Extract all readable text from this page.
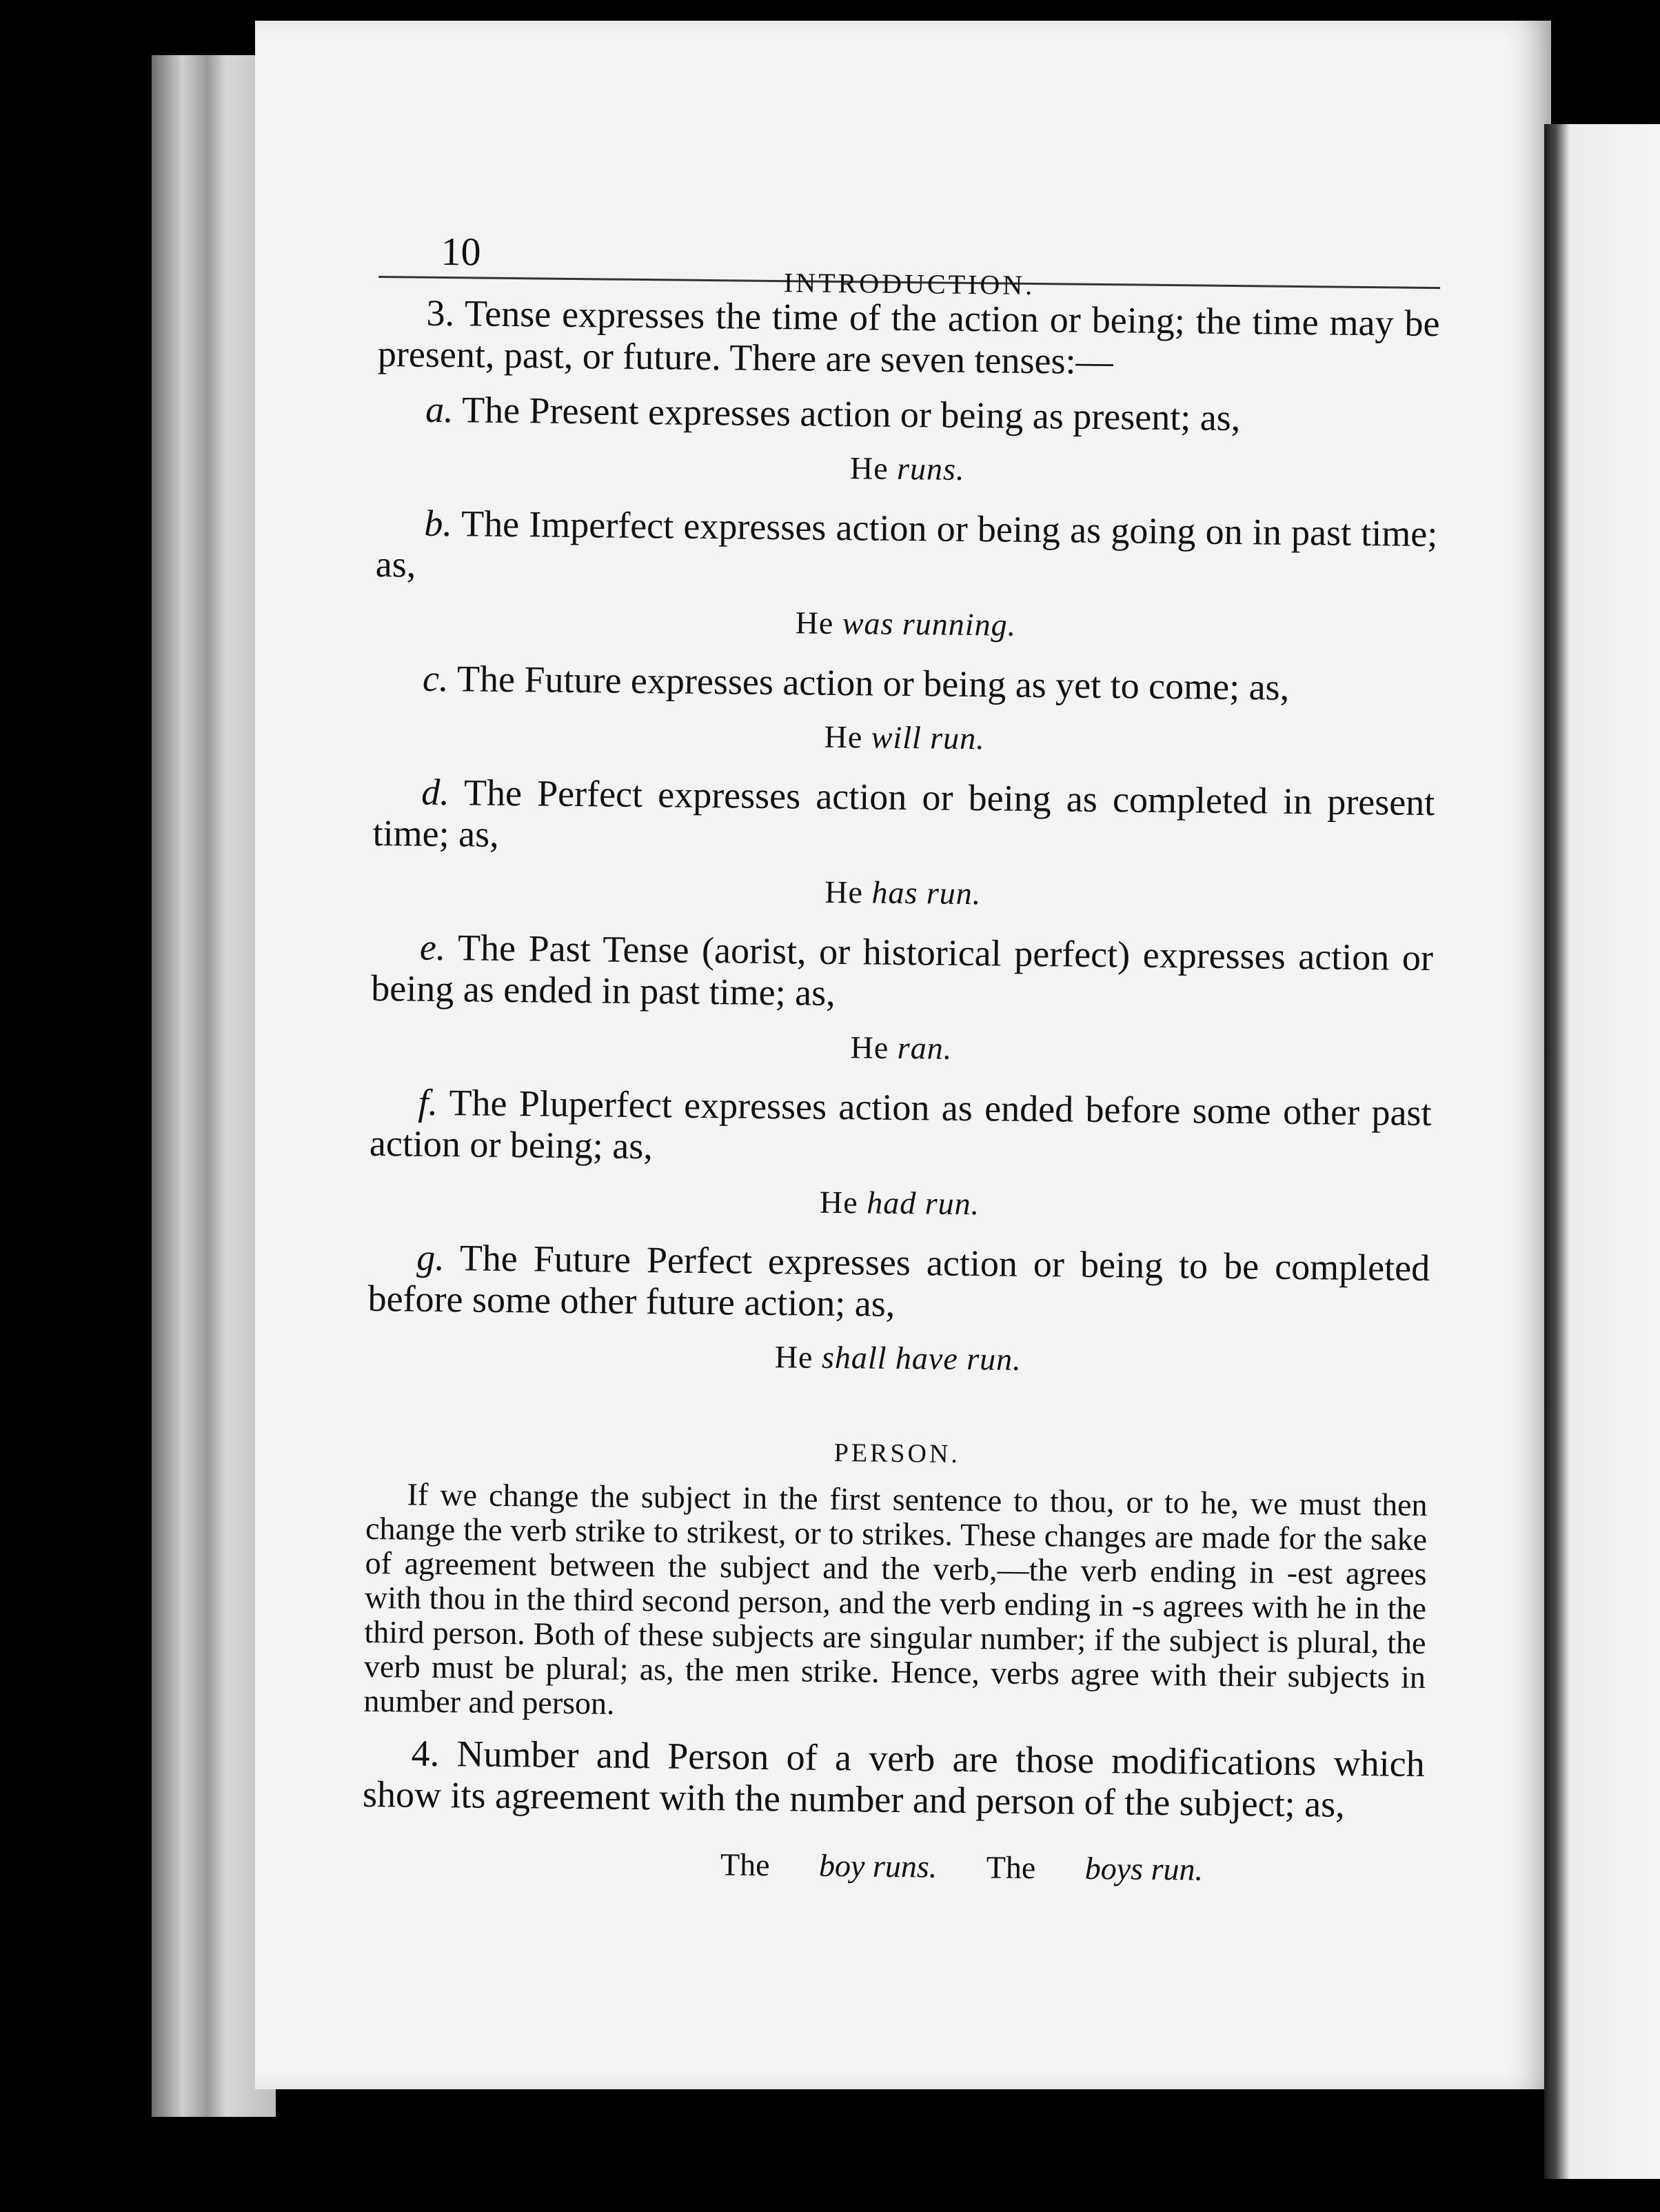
10
INTRODUCTION.

3. Tense expresses the time of the action or being; the time may be present, past, or future. There are seven tenses:—

a. The Present expresses action or being as present; as,

He runs.

b. The Imperfect expresses action or being as going on in past time; as,

He was running.

c. The Future expresses action or being as yet to come; as,

He will run.

d. The Perfect expresses action or being as completed in present time; as,

He has run.

e. The Past Tense (aorist, or historical perfect) expresses action or being as ended in past time; as,

He ran.

f. The Pluperfect expresses action as ended before some other past action or being; as,

He had run.

g. The Future Perfect expresses action or being to be completed before some other future action; as,

He shall have run.
PERSON.

If we change the subject in the first sentence to thou, or to he, we must then change the verb strike to strikest, or to strikes. These changes are made for the sake of agreement between the subject and the verb,—the verb ending in -est agrees with thou in the third second person, and the verb ending in -s agrees with he in the third person. Both of these subjects are singular number; if the subject is plural, the verb must be plural; as, the men strike. Hence, verbs agree with their subjects in number and person.

4. Number and Person of a verb are those modifications which show its agreement with the number and person of the subject; as,

The boy runs. The boys run.
